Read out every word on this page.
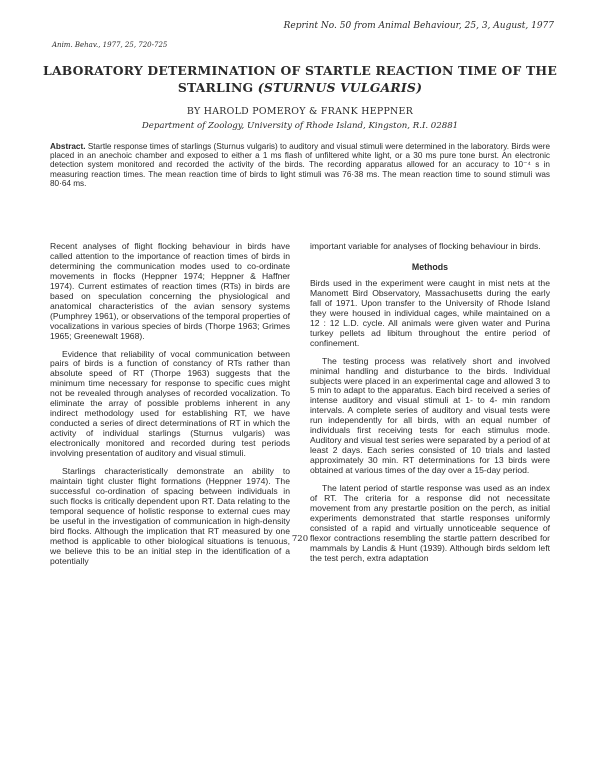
Reprint No. 50 from Animal Behaviour, 25, 3, August, 1977
Anim. Behav., 1977, 25, 720-725
LABORATORY DETERMINATION OF STARTLE REACTION TIME OF THE STARLING (STURNUS VULGARIS)
BY HAROLD POMEROY & FRANK HEPPNER
Department of Zoology, University of Rhode Island, Kingston, R.I. 02881
Abstract. Startle response times of starlings (Sturnus vulgaris) to auditory and visual stimuli were determined in the laboratory. Birds were placed in an anechoic chamber and exposed to either a 1 ms flash of unfiltered white light, or a 30 ms pure tone burst. An electronic detection system monitored and recorded the activity of the birds. The recording apparatus allowed for an accuracy to 10⁻⁴ s in measuring reaction times. The mean reaction time of birds to light stimuli was 76·38 ms. The mean reaction time to sound stimuli was 80·64 ms.

Recent analyses of flight flocking behaviour in birds have called attention to the importance of reaction times of birds in determining the communication modes used to co-ordinate movements in flocks (Heppner 1974; Heppner & Haffner 1974). Current estimates of reaction times (RTs) in birds are based on speculation concerning the physiological and anatomical characteristics of the avian sensory systems (Pumphrey 1961), or observations of the temporal properties of vocalizations in various species of birds (Thorpe 1963; Grimes 1965; Greenewalt 1968).

Evidence that reliability of vocal communication between pairs of birds is a function of constancy of RTs rather than absolute speed of RT (Thorpe 1963) suggests that the minimum time necessary for response to specific cues might not be revealed through analyses of recorded vocalization. To eliminate the array of possible problems inherent in any indirect methodology used for establishing RT, we have conducted a series of direct determinations of RT in which the activity of individual starlings (Sturnus vulgaris) was electronically monitored and recorded during test periods involving presentation of auditory and visual stimuli.

Starlings characteristically demonstrate an ability to maintain tight cluster flight formations (Heppner 1974). The successful co-ordination of spacing between individuals in such flocks is critically dependent upon RT. Data relating to the temporal sequence of holistic response to external cues may be useful in the investigation of communication in high-density bird flocks. Although the implication that RT measured by one method is applicable to other biological situations is tenuous, we believe this to be an initial step in the identification of a potentially

important variable for analyses of flocking behaviour in birds.

Methods

Birds used in the experiment were caught in mist nets at the Manomett Bird Observatory, Massachusetts during the early fall of 1971. Upon transfer to the University of Rhode Island they were housed in individual cages, while maintained on a 12 : 12 L.D. cycle. All animals were given water and Purina turkey pellets ad libitum throughout the entire period of confinement.

The testing process was relatively short and involved minimal handling and disturbance to the birds. Individual subjects were placed in an experimental cage and allowed 3 to 5 min to adapt to the apparatus. Each bird received a series of intense auditory and visual stimuli at 1- to 4- min random intervals. A complete series of auditory and visual tests were run independently for all birds, with an equal number of individuals first receiving tests for each stimulus mode. Auditory and visual test series were separated by a period of at least 2 days. Each series consisted of 10 trials and lasted approximately 30 min. RT determinations for 13 birds were obtained at various times of the day over a 15-day period.

The latent period of startle response was used as an index of RT. The criteria for a response did not necessitate movement from any prestartle position on the perch, as initial experiments demonstrated that startle responses uniformly consisted of a rapid and virtually unnoticeable sequence of flexor contractions resembling the startle pattern described for mammals by Landis & Hunt (1939). Although birds seldom left the test perch, extra adaptation

720
